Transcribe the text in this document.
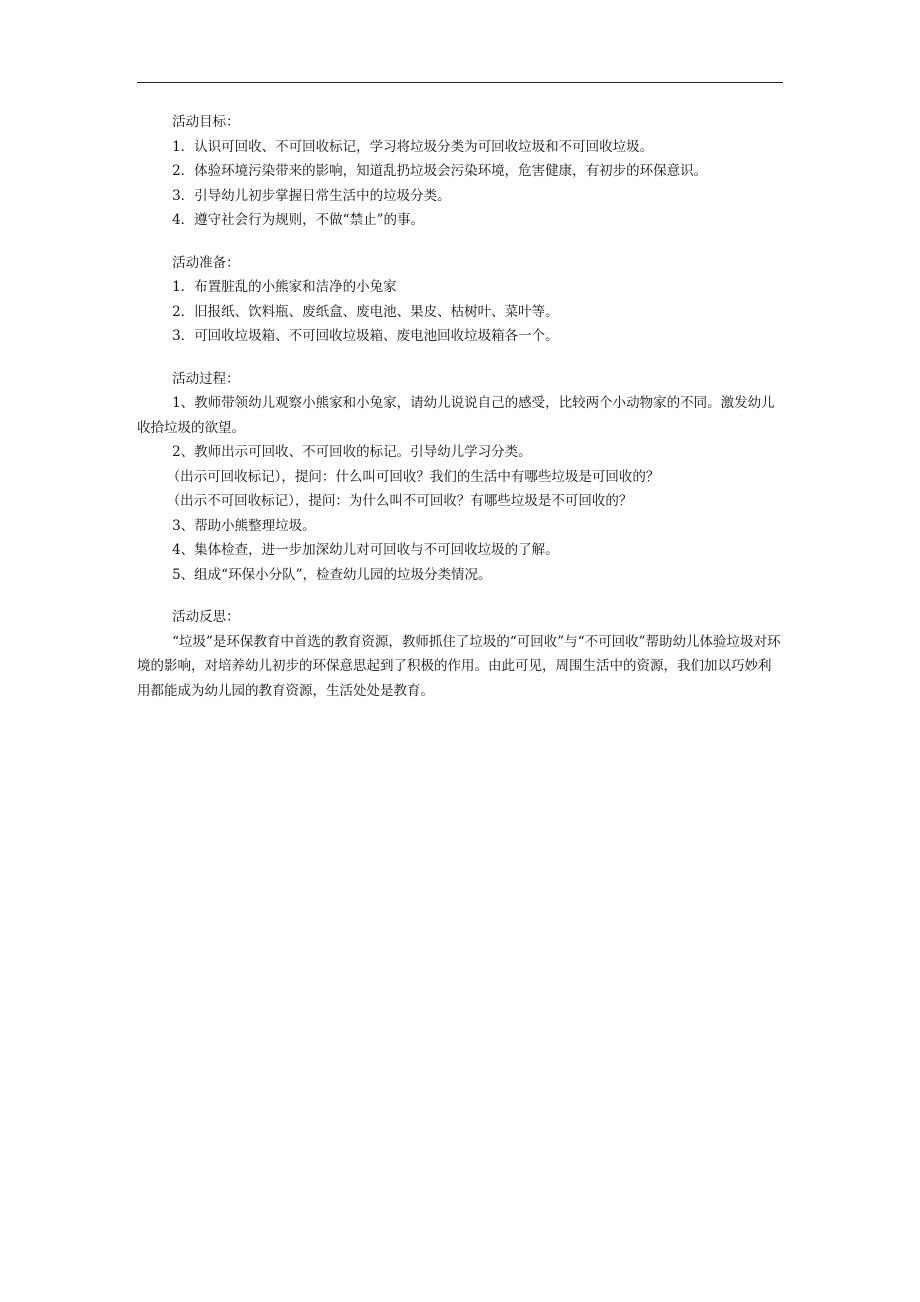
活动目标：

1．认识可回收、不可回收标记，学习将垃圾分类为可回收垃圾和不可回收垃圾。

2．体验环境污染带来的影响，知道乱扔垃圾会污染环境，危害健康，有初步的环保意识。

3．引导幼儿初步掌握日常生活中的垃圾分类。

4．遵守社会行为规则，不做“禁止”的事。

活动准备：

1．布置脏乱的小熊家和洁净的小兔家

2．旧报纸、饮料瓶、废纸盒、废电池、果皮、枯树叶、菜叶等。

3．可回收垃圾箱、不可回收垃圾箱、废电池回收垃圾箱各一个。

活动过程：

1、教师带领幼儿观察小熊家和小兔家，请幼儿说说自己的感受，比较两个小动物家的不同。激发幼儿收拾垃圾的欲望。

2、教师出示可回收、不可回收的标记。引导幼儿学习分类。

（出示可回收标记），提问：什么叫可回收？我们的生活中有哪些垃圾是可回收的？

（出示不可回收标记），提问：为什么叫不可回收？有哪些垃圾是不可回收的？

3、帮助小熊整理垃圾。

4、集体检查，进一步加深幼儿对可回收与不可回收垃圾的了解。

5、组成“环保小分队”，检查幼儿园的垃圾分类情况。

活动反思：

“垃圾”是环保教育中首选的教育资源，教师抓住了垃圾的“可回收”与“不可回收”帮助幼儿体验垃圾对环境的影响，对培养幼儿初步的环保意思起到了积极的作用。由此可见，周围生活中的资源，我们加以巧妙利用都能成为幼儿园的教育资源，生活处处是教育。
